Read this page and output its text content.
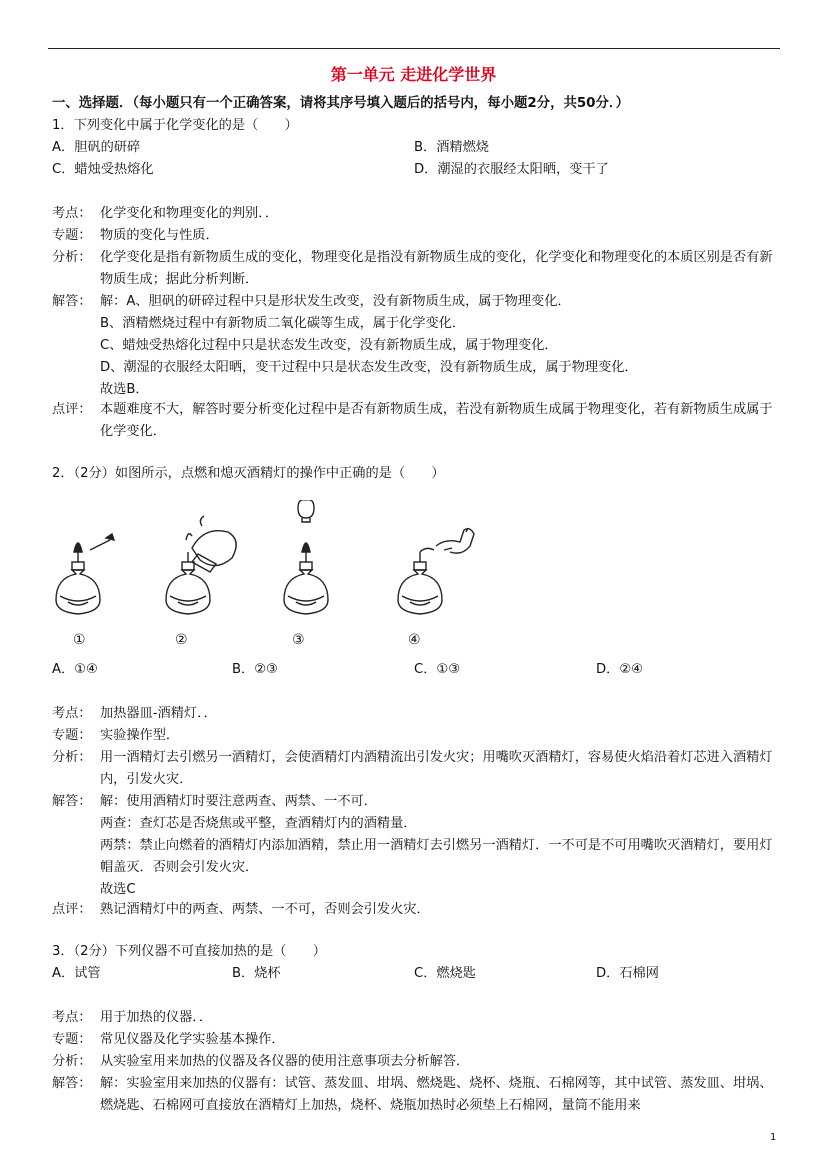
第一单元 走进化学世界
一、选择题．（每小题只有一个正确答案，请将其序号填入题后的括号内，每小题2分，共50分．）
1．下列变化中属于化学变化的是（　　）
A．胆矾的研碎	B．酒精燃烧
C．蜡烛受热熔化	D．潮湿的衣服经太阳晒，变干了
考点： 化学变化和物理变化的判别．．
专题： 物质的变化与性质．
分析： 化学变化是指有新物质生成的变化，物理变化是指没有新物质生成的变化，化学变化和物理变化的本质区别是否有新物质生成；据此分析判断．
解答： 解：A、胆矾的研碎过程中只是形状发生改变，没有新物质生成，属于物理变化．
B、酒精燃烧过程中有新物质二氧化碳等生成，属于化学变化．
C、蜡烛受热熔化过程中只是状态发生改变，没有新物质生成，属于物理变化．
D、潮湿的衣服经太阳晒，变干过程中只是状态发生改变，没有新物质生成，属于物理变化．
故选B．
点评： 本题难度不大，解答时要分析变化过程中是否有新物质生成，若没有新物质生成属于物理变化，若有新物质生成属于化学变化．
2．（2分）如图所示，点燃和熄灭酒精灯的操作中正确的是（　　）
①	②	③	④
A．①④	B．②③	C．①③	D．②④
考点： 加热器皿-酒精灯．．
专题： 实验操作型．
分析： 用一酒精灯去引燃另一酒精灯，会使酒精灯内酒精流出引发火灾；用嘴吹灭酒精灯，容易使火焰沿着灯芯进入酒精灯内，引发火灾．
解答： 解：使用酒精灯时要注意两查、两禁、一不可．
两查：查灯芯是否烧焦或平整，查酒精灯内的酒精量．
两禁：禁止向燃着的酒精灯内添加酒精，禁止用一酒精灯去引燃另一酒精灯．一不可是不可用嘴吹灭酒精灯，要用灯帽盖灭．否则会引发火灾．
故选C
点评： 熟记酒精灯中的两查、两禁、一不可，否则会引发火灾．
3．（2分）下列仪器不可直接加热的是（　　）
A．试管	B．烧杯	C．燃烧匙	D．石棉网
考点： 用于加热的仪器．．
专题： 常见仪器及化学实验基本操作．
分析： 从实验室用来加热的仪器及各仪器的使用注意事项去分析解答．
解答： 解：实验室用来加热的仪器有：试管、蒸发皿、坩埚、燃烧匙、烧杯、烧瓶、石棉网等，其中试管、蒸发皿、坩埚、燃烧匙、石棉网可直接放在酒精灯上加热，烧杯、烧瓶加热时必须垫上石棉网，量筒不能用来
1
